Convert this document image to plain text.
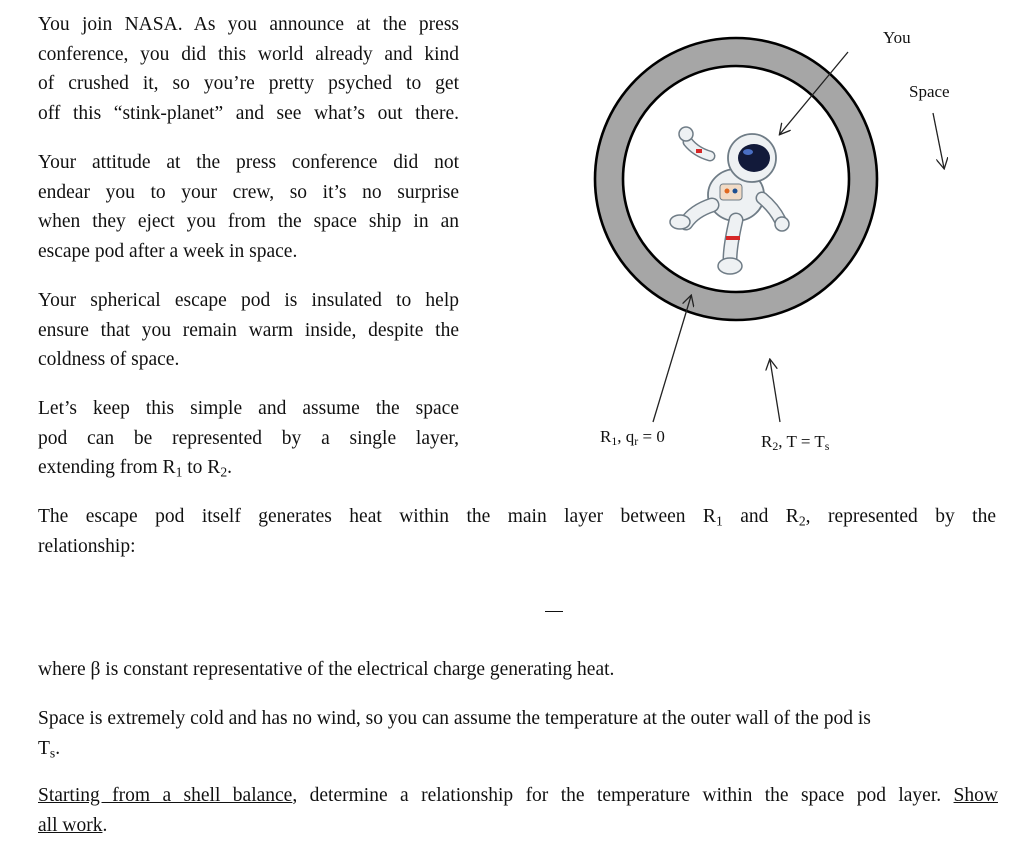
You join NASA. As you announce at the press
conference, you did this world already and kind
of crushed it, so you’re pretty psyched to get
off this “stink-planet” and see what’s out there.
Your attitude at the press conference did not
endear you to your crew, so it’s no surprise
when they eject you from the space ship in an
escape pod after a week in space.
Your spherical escape pod is insulated to help
ensure that you remain warm inside, despite the
coldness of space.
Let’s keep this simple and assume the space
pod can be represented by a single layer,
extending from $R_1$ to $R_2$.
You
Space
$R_1$, $q_r = 0$	$R_2$, $T = T_s$
The escape pod itself generates heat within the main layer between $R_1$ and $R_2$, represented by the
relationship:
where β is constant representative of the electrical charge generating heat.
Space is extremely cold and has no wind, so you can assume the temperature at the outer wall of the pod is
$T_s$.
Starting from a shell balance, determine a relationship for the temperature within the space pod layer. Show
all work.
